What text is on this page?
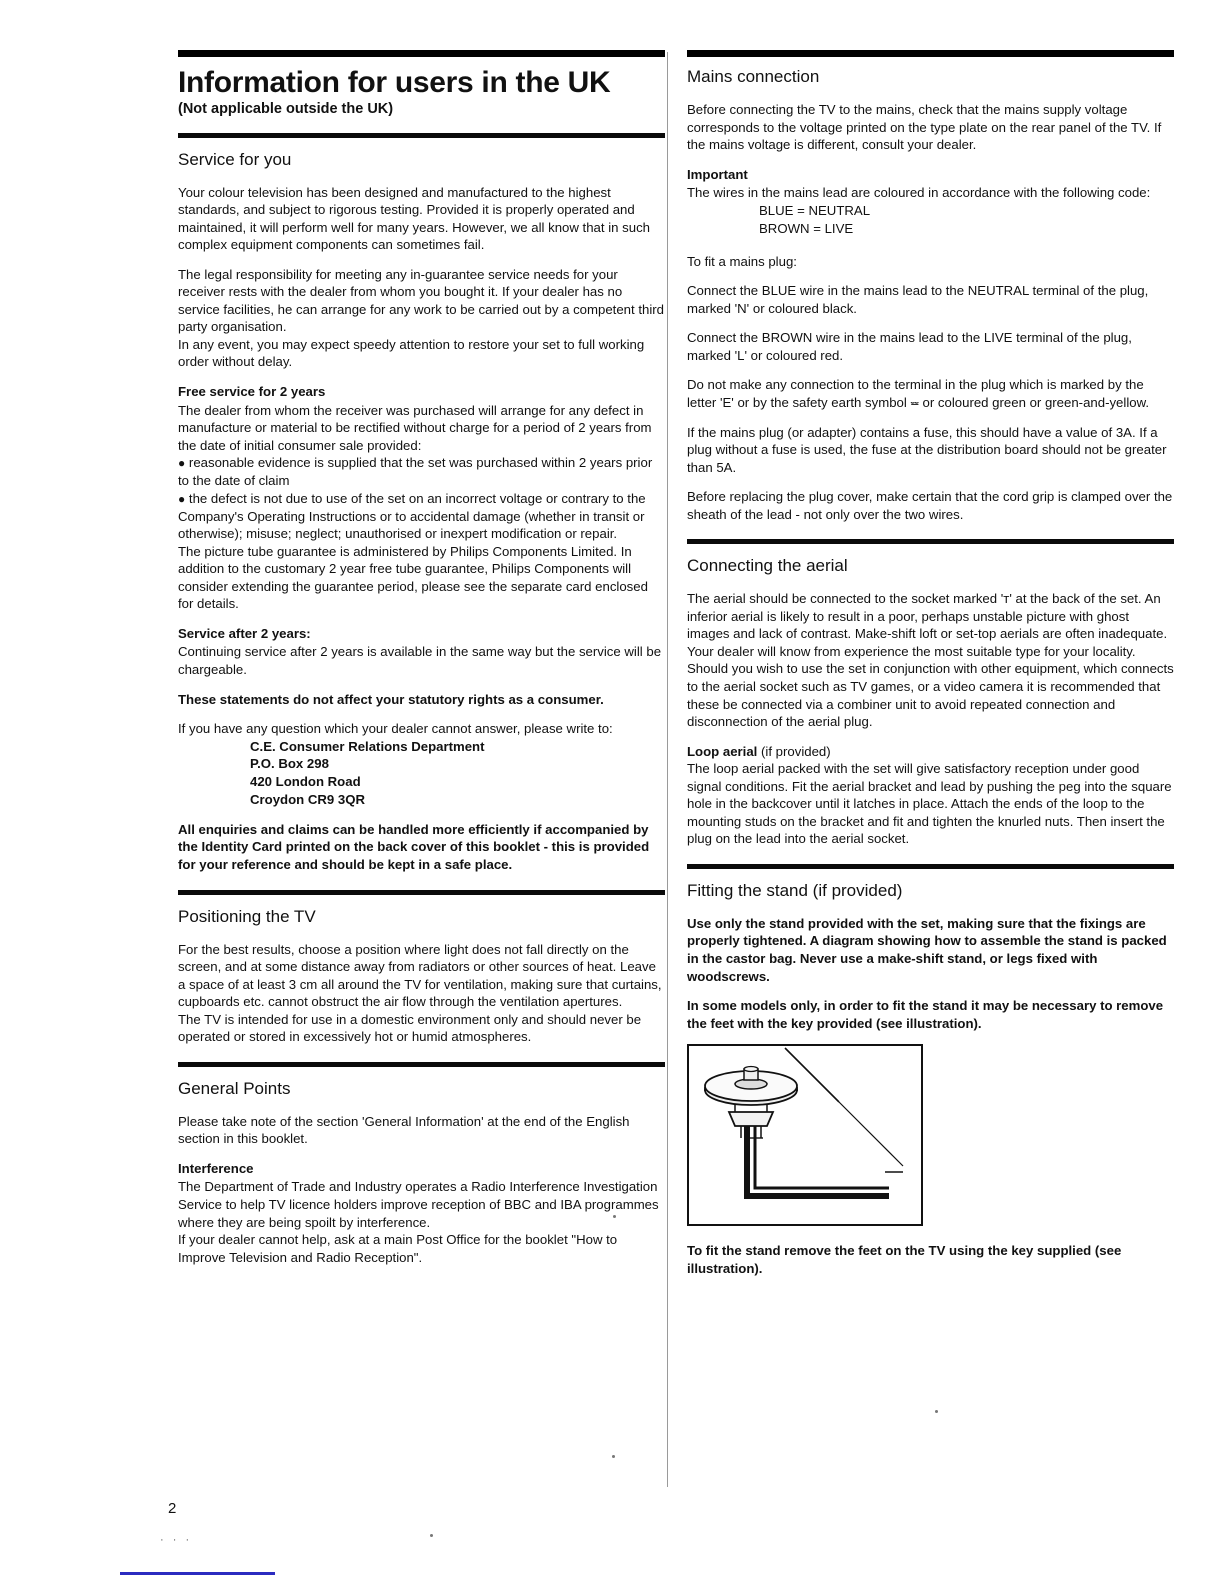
Information for users in the UK
(Not applicable outside the UK)
Service for you

Your colour television has been designed and manufactured to the highest standards, and subject to rigorous testing. Provided it is properly operated and maintained, it will perform well for many years. However, we all know that in such complex equipment components can sometimes fail.

The legal responsibility for meeting any in-guarantee service needs for your receiver rests with the dealer from whom you bought it. If your dealer has no service facilities, he can arrange for any work to be carried out by a competent third party organisation.

In any event, you may expect speedy attention to restore your set to full working order without delay.

Free service for 2 years

The dealer from whom the receiver was purchased will arrange for any defect in manufacture or material to be rectified without charge for a period of 2 years from the date of initial consumer sale provided:

● reasonable evidence is supplied that the set was purchased within 2 years prior to the date of claim

● the defect is not due to use of the set on an incorrect voltage or contrary to the Company's Operating Instructions or to accidental damage (whether in transit or otherwise); misuse; neglect; unauthorised or inexpert modification or repair.

The picture tube guarantee is administered by Philips Components Limited. In addition to the customary 2 year free tube guarantee, Philips Components will consider extending the guarantee period, please see the separate card enclosed for details.

Service after 2 years:

Continuing service after 2 years is available in the same way but the service will be chargeable.

These statements do not affect your statutory rights as a consumer.

If you have any question which your dealer cannot answer, please write to:

C.E. Consumer Relations Department
P.O. Box 298
420 London Road
Croydon CR9 3QR

All enquiries and claims can be handled more efficiently if accompanied by the Identity Card printed on the back cover of this booklet - this is provided for your reference and should be kept in a safe place.

Positioning the TV

For the best results, choose a position where light does not fall directly on the screen, and at some distance away from radiators or other sources of heat. Leave a space of at least 3 cm all around the TV for ventilation, making sure that curtains, cupboards etc. cannot obstruct the air flow through the ventilation apertures.

The TV is intended for use in a domestic environment only and should never be operated or stored in excessively hot or humid atmospheres.

General Points

Please take note of the section 'General Information' at the end of the English section in this booklet.

Interference

The Department of Trade and Industry operates a Radio Interference Investigation Service to help TV licence holders improve reception of BBC and IBA programmes where they are being spoilt by interference.

If your dealer cannot help, ask at a main Post Office for the booklet "How to Improve Television and Radio Reception".

Mains connection

Before connecting the TV to the mains, check that the mains supply voltage corresponds to the voltage printed on the type plate on the rear panel of the TV. If the mains voltage is different, consult your dealer.

Important

The wires in the mains lead are coloured in accordance with the following code:

BLUE = NEUTRAL
BROWN = LIVE

To fit a mains plug:

Connect the BLUE wire in the mains lead to the NEUTRAL terminal of the plug, marked 'N' or coloured black.

Connect the BROWN wire in the mains lead to the LIVE terminal of the plug, marked 'L' or coloured red.

Do not make any connection to the terminal in the plug which is marked by the letter 'E' or by the safety earth symbol ⏕ or coloured green or green-and-yellow.

If the mains plug (or adapter) contains a fuse, this should have a value of 3A. If a plug without a fuse is used, the fuse at the distribution board should not be greater than 5A.

Before replacing the plug cover, make certain that the cord grip is clamped over the sheath of the lead - not only over the two wires.

Connecting the aerial

The aerial should be connected to the socket marked 'ᴛ' at the back of the set. An inferior aerial is likely to result in a poor, perhaps unstable picture with ghost images and lack of contrast. Make-shift loft or set-top aerials are often inadequate. Your dealer will know from experience the most suitable type for your locality.

Should you wish to use the set in conjunction with other equipment, which connects to the aerial socket such as TV games, or a video camera it is recommended that these be connected via a combiner unit to avoid repeated connection and disconnection of the aerial plug.

Loop aerial (if provided)

The loop aerial packed with the set will give satisfactory reception under good signal conditions. Fit the aerial bracket and lead by pushing the peg into the square hole in the backcover until it latches in place. Attach the ends of the loop to the mounting studs on the bracket and fit and tighten the knurled nuts. Then insert the plug on the lead into the aerial socket.

Fitting the stand (if provided)

Use only the stand provided with the set, making sure that the fixings are properly tightened. A diagram showing how to assemble the stand is packed in the castor bag. Never use a make-shift stand, or legs fixed with woodscrews.

In some models only, in order to fit the stand it may be necessary to remove the feet with the key provided (see illustration).

To fit the stand remove the feet on the TV using the key supplied (see illustration).

2
· · ·
